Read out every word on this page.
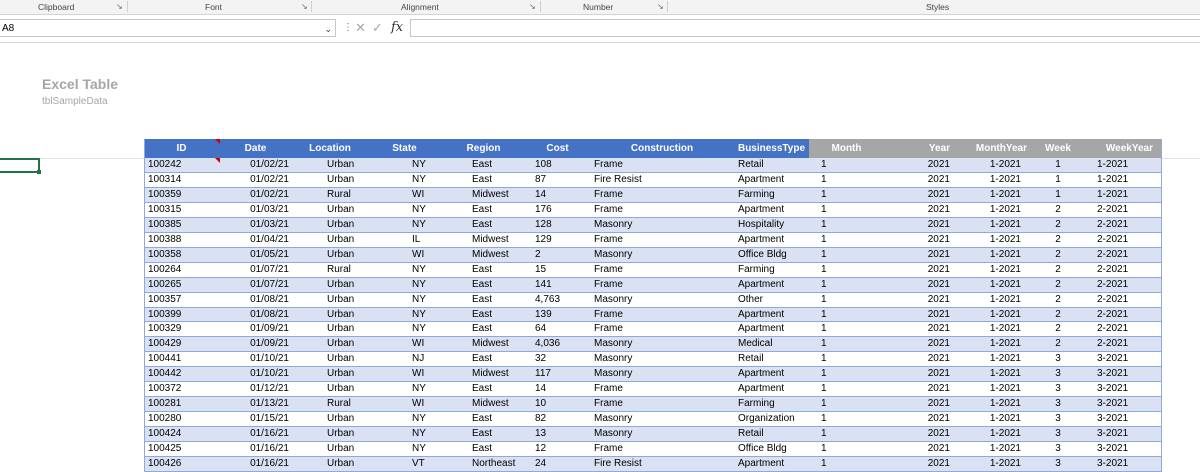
Clipboard	↘	Font	↘	Alignment	↘	Number	↘	Styles
A8	⌄ ⋮ ✕ ✓ fx
Excel Table
tblSampleData
ID	Date	Location	State	Region	Cost	Construction	BusinessType	Month	Year	MonthYear	Week	WeekYear
100242	01/02/21	Urban	NY	East	108	Frame	Retail	1	2021	1-2021	1	1-2021
100314	01/02/21	Urban	NY	East	87	Fire Resist	Apartment	1	2021	1-2021	1	1-2021
100359	01/02/21	Rural	WI	Midwest	14	Frame	Farming	1	2021	1-2021	1	1-2021
100315	01/03/21	Urban	NY	East	176	Frame	Apartment	1	2021	1-2021	2	2-2021
100385	01/03/21	Urban	NY	East	128	Masonry	Hospitality	1	2021	1-2021	2	2-2021
100388	01/04/21	Urban	IL	Midwest	129	Frame	Apartment	1	2021	1-2021	2	2-2021
100358	01/05/21	Urban	WI	Midwest	2	Masonry	Office Bldg	1	2021	1-2021	2	2-2021
100264	01/07/21	Rural	NY	East	15	Frame	Farming	1	2021	1-2021	2	2-2021
100265	01/07/21	Urban	NY	East	141	Frame	Apartment	1	2021	1-2021	2	2-2021
100357	01/08/21	Urban	NY	East	4,763	Masonry	Other	1	2021	1-2021	2	2-2021
100399	01/08/21	Urban	NY	East	139	Frame	Apartment	1	2021	1-2021	2	2-2021
100329	01/09/21	Urban	NY	East	64	Frame	Apartment	1	2021	1-2021	2	2-2021
100429	01/09/21	Urban	WI	Midwest	4,036	Masonry	Medical	1	2021	1-2021	2	2-2021
100441	01/10/21	Urban	NJ	East	32	Masonry	Retail	1	2021	1-2021	3	3-2021
100442	01/10/21	Urban	WI	Midwest	117	Masonry	Apartment	1	2021	1-2021	3	3-2021
100372	01/12/21	Urban	NY	East	14	Frame	Apartment	1	2021	1-2021	3	3-2021
100281	01/13/21	Rural	WI	Midwest	10	Frame	Farming	1	2021	1-2021	3	3-2021
100280	01/15/21	Urban	NY	East	82	Masonry	Organization	1	2021	1-2021	3	3-2021
100424	01/16/21	Urban	NY	East	13	Masonry	Retail	1	2021	1-2021	3	3-2021
100425	01/16/21	Urban	NY	East	12	Frame	Office Bldg	1	2021	1-2021	3	3-2021
100426	01/16/21	Urban	VT	Northeast	24	Fire Resist	Apartment	1	2021	1-2021	3	3-2021
